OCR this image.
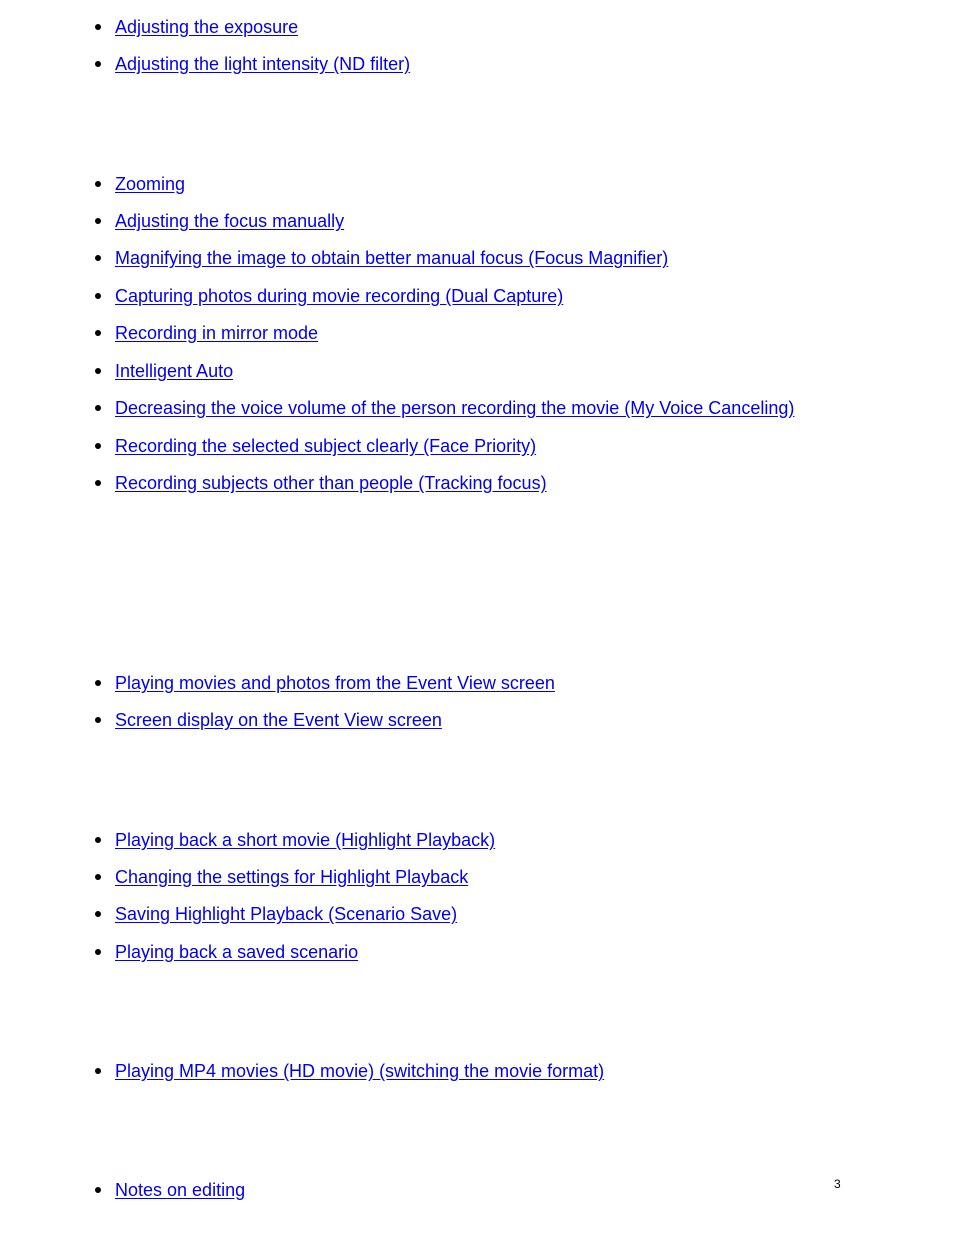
Adjusting the exposure
Adjusting the light intensity (ND filter)
Zooming
Adjusting the focus manually
Magnifying the image to obtain better manual focus (Focus Magnifier)
Capturing photos during movie recording (Dual Capture)
Recording in mirror mode
Intelligent Auto
Decreasing the voice volume of the person recording the movie (My Voice Canceling)
Recording the selected subject clearly (Face Priority)
Recording subjects other than people (Tracking focus)
Playing movies and photos from the Event View screen
Screen display on the Event View screen
Playing back a short movie (Highlight Playback)
Changing the settings for Highlight Playback
Saving Highlight Playback (Scenario Save)
Playing back a saved scenario
Playing MP4 movies (HD movie) (switching the movie format)
Notes on editing	3
